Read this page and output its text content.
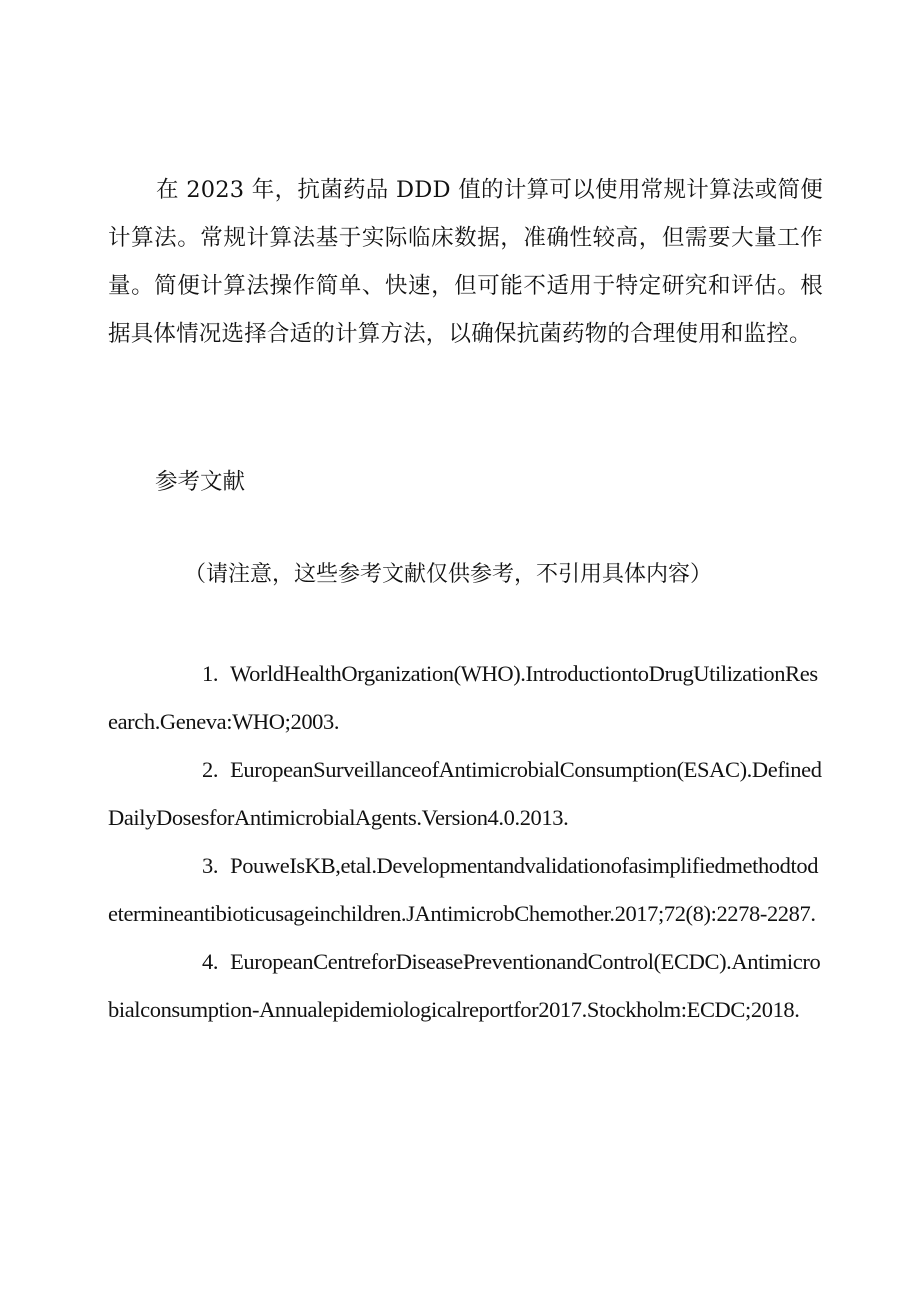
在 2023 年，抗菌药品 DDD 值的计算可以使用常规计算法或简便计算法。常规计算法基于实际临床数据，准确性较高，但需要大量工作量。简便计算法操作简单、快速，但可能不适用于特定研究和评估。根据具体情况选择合适的计算方法，以确保抗菌药物的合理使用和监控。

参考文献

（请注意，这些参考文献仅供参考，不引用具体内容）

1. WorldHealthOrganization(WHO).IntroductiontoDrugUtilizationResearch.Geneva:WHO;2003.
2. EuropeanSurveillanceofAntimicrobialConsumption(ESAC).DefinedDailyDosesforAntimicrobialAgents.Version4.0.2013.
3. PouweIsKB,etal.Developmentandvalidationofasimplifiedmethodtodetermineantibioticusageinchildren.JAntimicrobChemother.2017;72(8):2278-2287.
4. EuropeanCentreforDiseasePreventionandControl(ECDC).Antimicrobialconsumption-Annualepidemiologicalreportfor2017.Stockholm:ECDC;2018.
